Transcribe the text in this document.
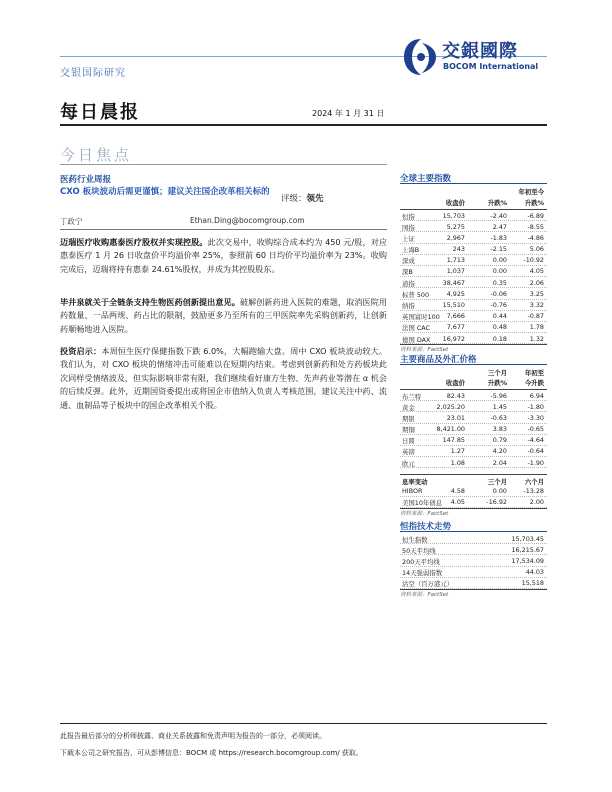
交银国际研究
交銀國際
BOCOM International
每日晨报	2024 年 1 月 31 日
今日焦点
医药行业周报
CXO 板块波动后需更谨慎；建议关注国企改革相关标的
评级：领先
丁政宁	Ethan.Ding@bocomgroup.com
迈瑞医疗收购惠泰医疗股权并实现控股。此次交易中，收购综合成本约为 450 元/股，对应惠泰医疗 1 月 26 日收盘价平均溢价率 25%，参照前 60 日均价平均溢价率为 23%。收购完成后，迈瑞将持有惠泰 24.61%股权，并成为其控股股东。
毕井泉就关于全链条支持生物医药创新提出意见。破解创新药进入医院的难题，取消医院用药数量、一品两规、药占比的限制，鼓励更多乃至所有的三甲医院率先采购创新药，让创新药顺畅地进入医院。
投资启示：本周恒生医疗保健指数下跌 6.0%，大幅跑输大盘。周中 CXO 板块波动较大。我们认为，对 CXO 板块的情绪冲击可能难以在短期内结束。考虑到创新药和处方药板块此次同样受情绪波及，但实际影响非常有限，我们继续看好康方生物、先声药业等潜在 α 机会的后续反弹。此外，近期国资委提出或将国企市值纳入负责人考核范围，建议关注中药、流通、血制品等子板块中的国企改革相关个股。
全球主要指数
年初至今
收盘价	升跌%	升跌%
恒指	15,703	-2.40	-6.89
国指	5,275	2.47	-8.55
上证	2,967	-1.83	-4.86
上海B	243	-2.15	5.06
深成	1,713	0.00	-10.92
深B	1,037	0.00	4.05
道指	38,467	0.35	2.06
标普 500	4,925	-0.06	3.25
纳指	15,510	-0.76	3.32
英国富时100 7,666	0.44	-0.87
法国 CAC	7,677	0.48	1.78
德国 DAX 16,972	0.18	1.32
资料来源：FactSet
主要商品及外汇价格
三个月	年初至
收盘价	升跌%	今升跌
布兰特	82.43	-5.96	6.94
黄金	2,025.20	1.45	-1.80
期银	23.01	-0.63	-3.30
期铜	8,421.00	3.83	-0.65
日圆	147.85	0.79	-4.64
英镑	1.27	4.20	-0.64
欧元	1.08	2.04	-1.90
息率变动	三个月	六个月
HIBOR	4.58	0.00	-13.28
美国10年债息 4.05	-16.92	2.00
资料来源：FactSet
恒指技术走势
恒生指数	15,703.45
50天平均线	16,215.67
200天平均线	17,534.09
14天强弱指数	44.03
沽空（百万港元）	15,518
资料来源：FactSet
此报告最后部分的分析师披露、商业关系披露和免责声明为报告的一部分，必须阅读。
下载本公司之研究报告，可从彭博信息：BOCM 或 https://research.bocomgroup.com/ 获取。
